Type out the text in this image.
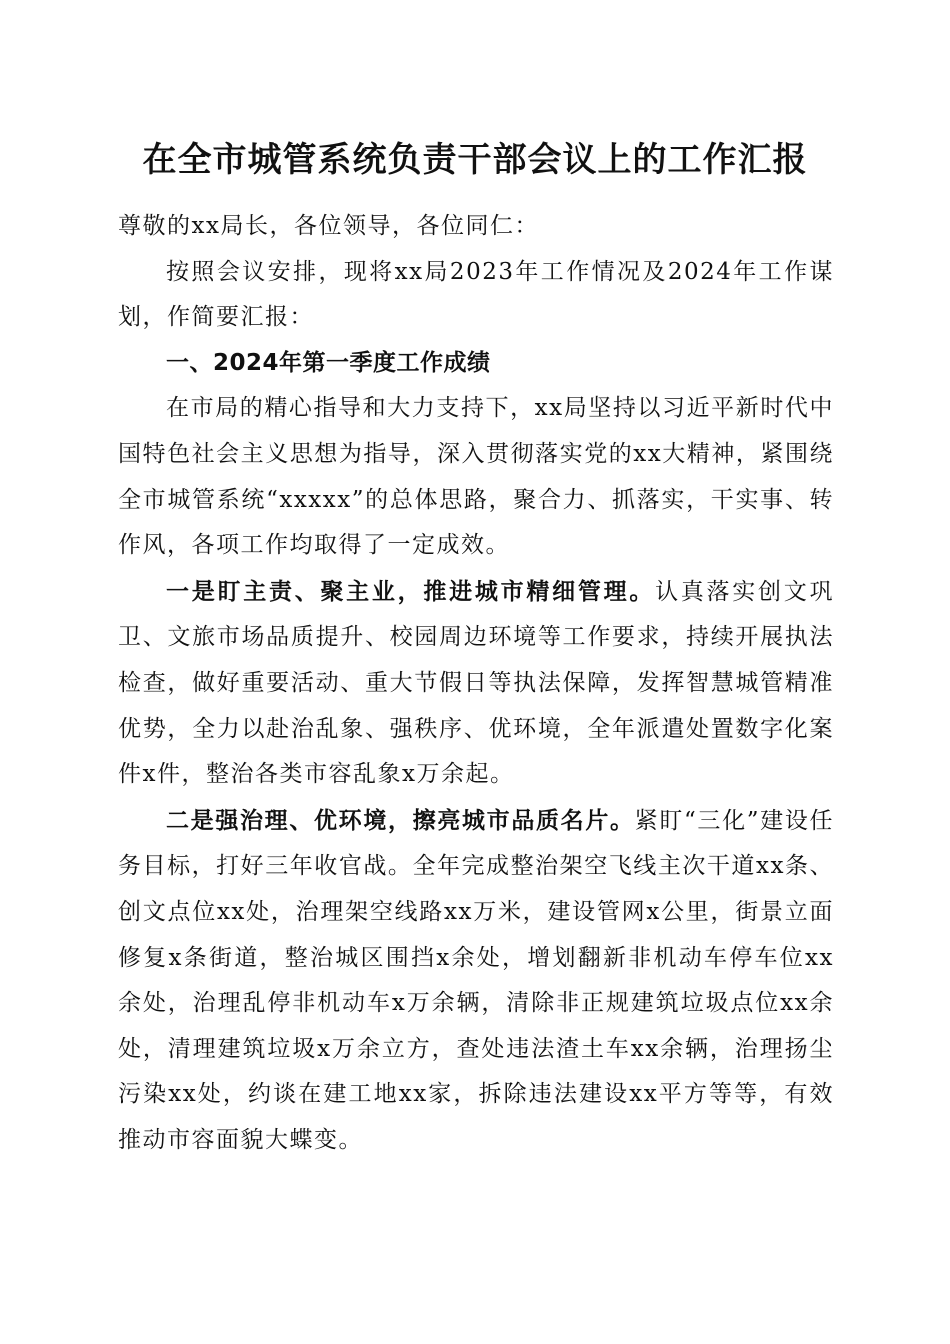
在全市城管系统负责干部会议上的工作汇报

尊敬的xx局长，各位领导，各位同仁：

按照会议安排，现将xx局2023年工作情况及2024年工作谋划，作简要汇报：

一、2024年第一季度工作成绩

在市局的精心指导和大力支持下，xx局坚持以习近平新时代中国特色社会主义思想为指导，深入贯彻落实党的xx大精神，紧围绕全市城管系统“xxxxx”的总体思路，聚合力、抓落实，干实事、转作风，各项工作均取得了一定成效。

一是盯主责、聚主业，推进城市精细管理。认真落实创文巩卫、文旅市场品质提升、校园周边环境等工作要求，持续开展执法检查，做好重要活动、重大节假日等执法保障，发挥智慧城管精准优势，全力以赴治乱象、强秩序、优环境，全年派遣处置数字化案件x件，整治各类市容乱象x万余起。

二是强治理、优环境，擦亮城市品质名片。紧盯“三化”建设任务目标，打好三年收官战。全年完成整治架空飞线主次干道xx条、创文点位xx处，治理架空线路xx万米，建设管网x公里，街景立面修复x条街道，整治城区围挡x余处，增划翻新非机动车停车位xx余处，治理乱停非机动车x万余辆，清除非正规建筑垃圾点位xx余处，清理建筑垃圾x万余立方，查处违法渣土车xx余辆，治理扬尘污染xx处，约谈在建工地xx家，拆除违法建设xx平方等等，有效推动市容面貌大蝶变。
